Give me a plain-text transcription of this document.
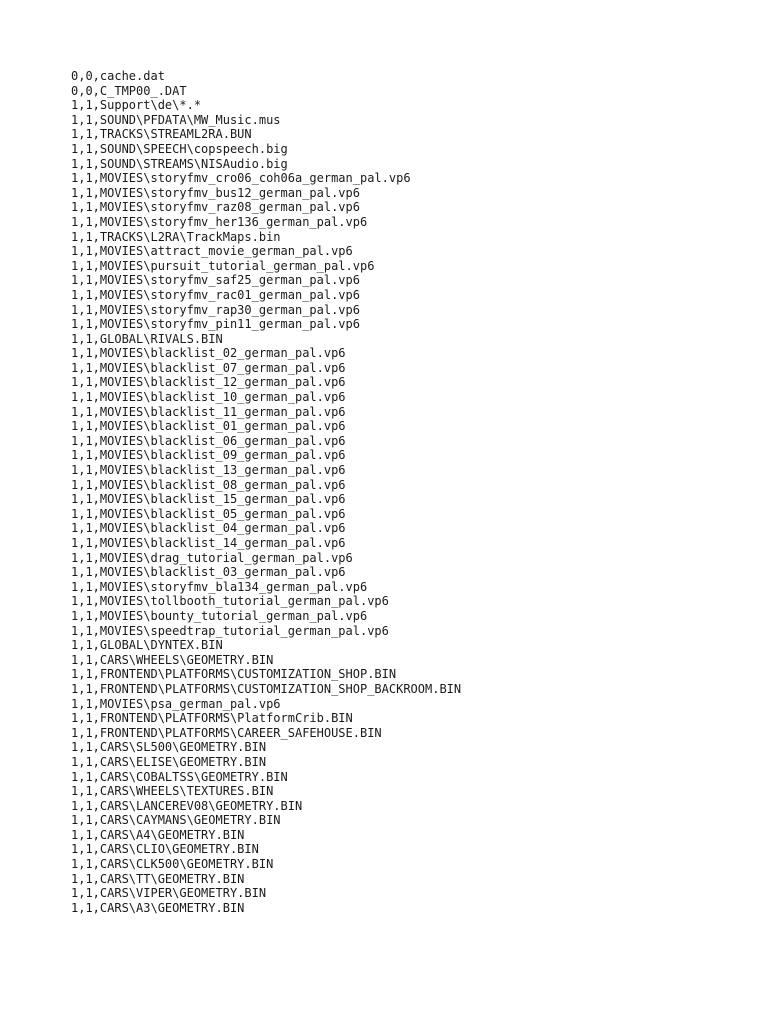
0,0,cache.dat
0,0,C_TMP00_.DAT
1,1,Support\de\*.*
1,1,SOUND\PFDATA\MW_Music.mus
1,1,TRACKS\STREAML2RA.BUN
1,1,SOUND\SPEECH\copspeech.big
1,1,SOUND\STREAMS\NISAudio.big
1,1,MOVIES\storyfmv_cro06_coh06a_german_pal.vp6
1,1,MOVIES\storyfmv_bus12_german_pal.vp6
1,1,MOVIES\storyfmv_raz08_german_pal.vp6
1,1,MOVIES\storyfmv_her136_german_pal.vp6
1,1,TRACKS\L2RA\TrackMaps.bin
1,1,MOVIES\attract_movie_german_pal.vp6
1,1,MOVIES\pursuit_tutorial_german_pal.vp6
1,1,MOVIES\storyfmv_saf25_german_pal.vp6
1,1,MOVIES\storyfmv_rac01_german_pal.vp6
1,1,MOVIES\storyfmv_rap30_german_pal.vp6
1,1,MOVIES\storyfmv_pin11_german_pal.vp6
1,1,GLOBAL\RIVALS.BIN
1,1,MOVIES\blacklist_02_german_pal.vp6
1,1,MOVIES\blacklist_07_german_pal.vp6
1,1,MOVIES\blacklist_12_german_pal.vp6
1,1,MOVIES\blacklist_10_german_pal.vp6
1,1,MOVIES\blacklist_11_german_pal.vp6
1,1,MOVIES\blacklist_01_german_pal.vp6
1,1,MOVIES\blacklist_06_german_pal.vp6
1,1,MOVIES\blacklist_09_german_pal.vp6
1,1,MOVIES\blacklist_13_german_pal.vp6
1,1,MOVIES\blacklist_08_german_pal.vp6
1,1,MOVIES\blacklist_15_german_pal.vp6
1,1,MOVIES\blacklist_05_german_pal.vp6
1,1,MOVIES\blacklist_04_german_pal.vp6
1,1,MOVIES\blacklist_14_german_pal.vp6
1,1,MOVIES\drag_tutorial_german_pal.vp6
1,1,MOVIES\blacklist_03_german_pal.vp6
1,1,MOVIES\storyfmv_bla134_german_pal.vp6
1,1,MOVIES\tollbooth_tutorial_german_pal.vp6
1,1,MOVIES\bounty_tutorial_german_pal.vp6
1,1,MOVIES\speedtrap_tutorial_german_pal.vp6
1,1,GLOBAL\DYNTEX.BIN
1,1,CARS\WHEELS\GEOMETRY.BIN
1,1,FRONTEND\PLATFORMS\CUSTOMIZATION_SHOP.BIN
1,1,FRONTEND\PLATFORMS\CUSTOMIZATION_SHOP_BACKROOM.BIN
1,1,MOVIES\psa_german_pal.vp6
1,1,FRONTEND\PLATFORMS\PlatformCrib.BIN
1,1,FRONTEND\PLATFORMS\CAREER_SAFEHOUSE.BIN
1,1,CARS\SL500\GEOMETRY.BIN
1,1,CARS\ELISE\GEOMETRY.BIN
1,1,CARS\COBALTSS\GEOMETRY.BIN
1,1,CARS\WHEELS\TEXTURES.BIN
1,1,CARS\LANCEREV08\GEOMETRY.BIN
1,1,CARS\CAYMANS\GEOMETRY.BIN
1,1,CARS\A4\GEOMETRY.BIN
1,1,CARS\CLIO\GEOMETRY.BIN
1,1,CARS\CLK500\GEOMETRY.BIN
1,1,CARS\TT\GEOMETRY.BIN
1,1,CARS\VIPER\GEOMETRY.BIN
1,1,CARS\A3\GEOMETRY.BIN
